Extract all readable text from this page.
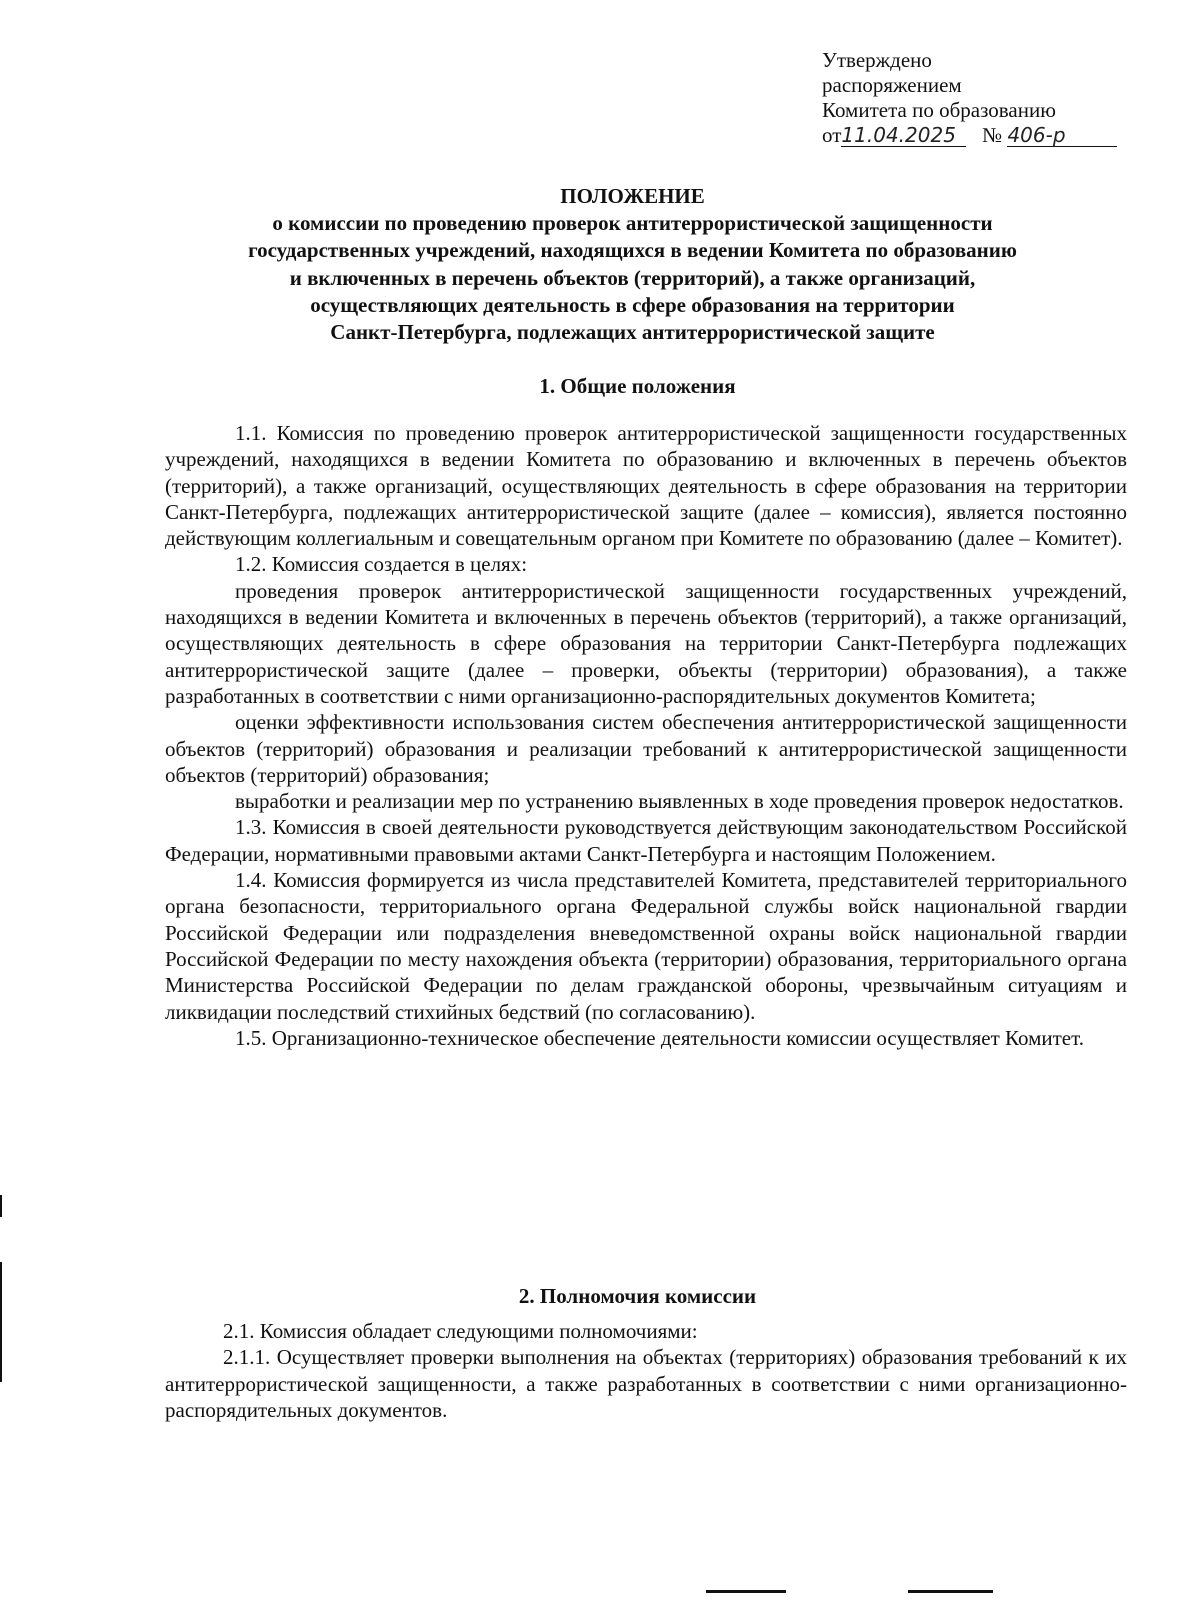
Утверждено
распоряжением
Комитета по образованию
от11.04.2025 № 406-р
ПОЛОЖЕНИЕ
о комиссии по проведению проверок антитеррористической защищенности
государственных учреждений, находящихся в ведении Комитета по образованию
и включенных в перечень объектов (территорий), а также организаций,
осуществляющих деятельность в сфере образования на территории
Санкт-Петербурга, подлежащих антитеррористической защите
1. Общие положения

1.1. Комиссия по проведению проверок антитеррористической защищенности государственных учреждений, находящихся в ведении Комитета по образованию и включенных в перечень объектов (территорий), а также организаций, осуществляющих деятельность в сфере образования на территории Санкт-Петербурга, подлежащих антитеррористической защите (далее – комиссия), является постоянно действующим коллегиальным и совещательным органом при Комитете по образованию (далее – Комитет).

1.2. Комиссия создается в целях:

проведения проверок антитеррористической защищенности государственных учреждений, находящихся в ведении Комитета и включенных в перечень объектов (территорий), а также организаций, осуществляющих деятельность в сфере образования на территории Санкт-Петербурга подлежащих антитеррористической защите (далее – проверки, объекты (территории) образования), а также разработанных в соответствии с ними организационно-распорядительных документов Комитета;

оценки эффективности использования систем обеспечения антитеррористической защищенности объектов (территорий) образования и реализации требований к антитеррористической защищенности объектов (территорий) образования;

выработки и реализации мер по устранению выявленных в ходе проведения проверок недостатков.

1.3. Комиссия в своей деятельности руководствуется действующим законодательством Российской Федерации, нормативными правовыми актами Санкт-Петербурга и настоящим Положением.

1.4. Комиссия формируется из числа представителей Комитета, представителей территориального органа безопасности, территориального органа Федеральной службы войск национальной гвардии Российской Федерации или подразделения вневедомственной охраны войск национальной гвардии Российской Федерации по месту нахождения объекта (территории) образования, территориального органа Министерства Российской Федерации по делам гражданской обороны, чрезвычайным ситуациям и ликвидации последствий стихийных бедствий (по согласованию).

1.5. Организационно-техническое обеспечение деятельности комиссии осуществляет Комитет.

2. Полномочия комиссии

2.1. Комиссия обладает следующими полномочиями:

2.1.1. Осуществляет проверки выполнения на объектах (территориях) образования требований к их антитеррористической защищенности, а также разработанных в соответствии с ними организационно-распорядительных документов.
